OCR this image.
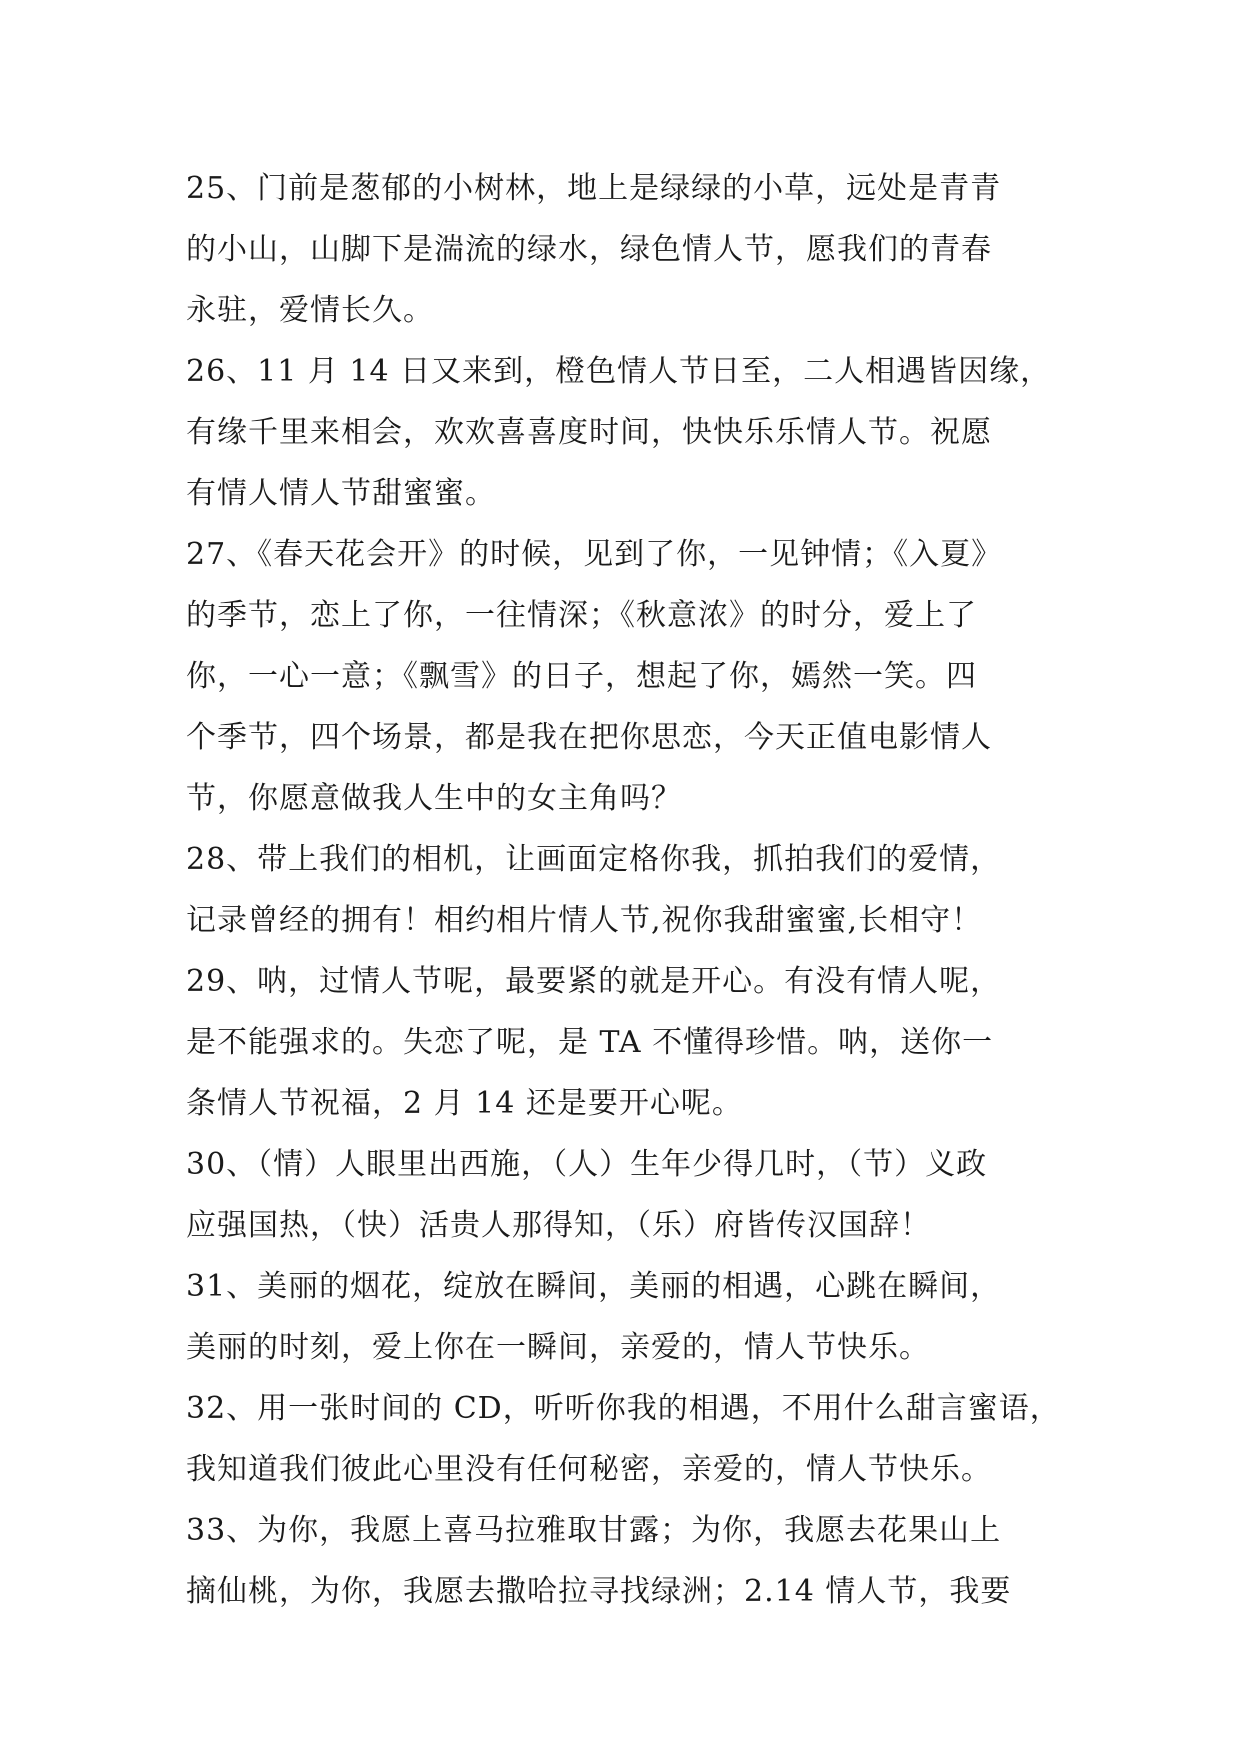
25、门前是葱郁的小树林，地上是绿绿的小草，远处是青青
的小山，山脚下是湍流的绿水，绿色情人节，愿我们的青春
永驻，爱情长久。
26、11 月 14 日又来到，橙色情人节日至，二人相遇皆因缘，
有缘千里来相会，欢欢喜喜度时间，快快乐乐情人节。祝愿
有情人情人节甜蜜蜜。
27、《春天花会开》的时候，见到了你，一见钟情；《入夏》
的季节，恋上了你，一往情深；《秋意浓》的时分，爱上了
你，一心一意；《飘雪》的日子，想起了你，嫣然一笑。四
个季节，四个场景，都是我在把你思恋，今天正值电影情人
节，你愿意做我人生中的女主角吗？
28、带上我们的相机，让画面定格你我，抓拍我们的爱情，
记录曾经的拥有！相约相片情人节,祝你我甜蜜蜜,长相守！
29、呐，过情人节呢，最要紧的就是开心。有没有情人呢，
是不能强求的。失恋了呢，是 TA 不懂得珍惜。呐，送你一
条情人节祝福，2 月 14 还是要开心呢。
30、（情）人眼里出西施，（人）生年少得几时，（节）义政
应强国热，（快）活贵人那得知，（乐）府皆传汉国辞！
31、美丽的烟花，绽放在瞬间，美丽的相遇，心跳在瞬间，
美丽的时刻，爱上你在一瞬间，亲爱的，情人节快乐。
32、用一张时间的 CD，听听你我的相遇，不用什么甜言蜜语，
我知道我们彼此心里没有任何秘密，亲爱的，情人节快乐。
33、为你，我愿上喜马拉雅取甘露；为你，我愿去花果山上
摘仙桃，为你，我愿去撒哈拉寻找绿洲；2.14 情人节，我要
